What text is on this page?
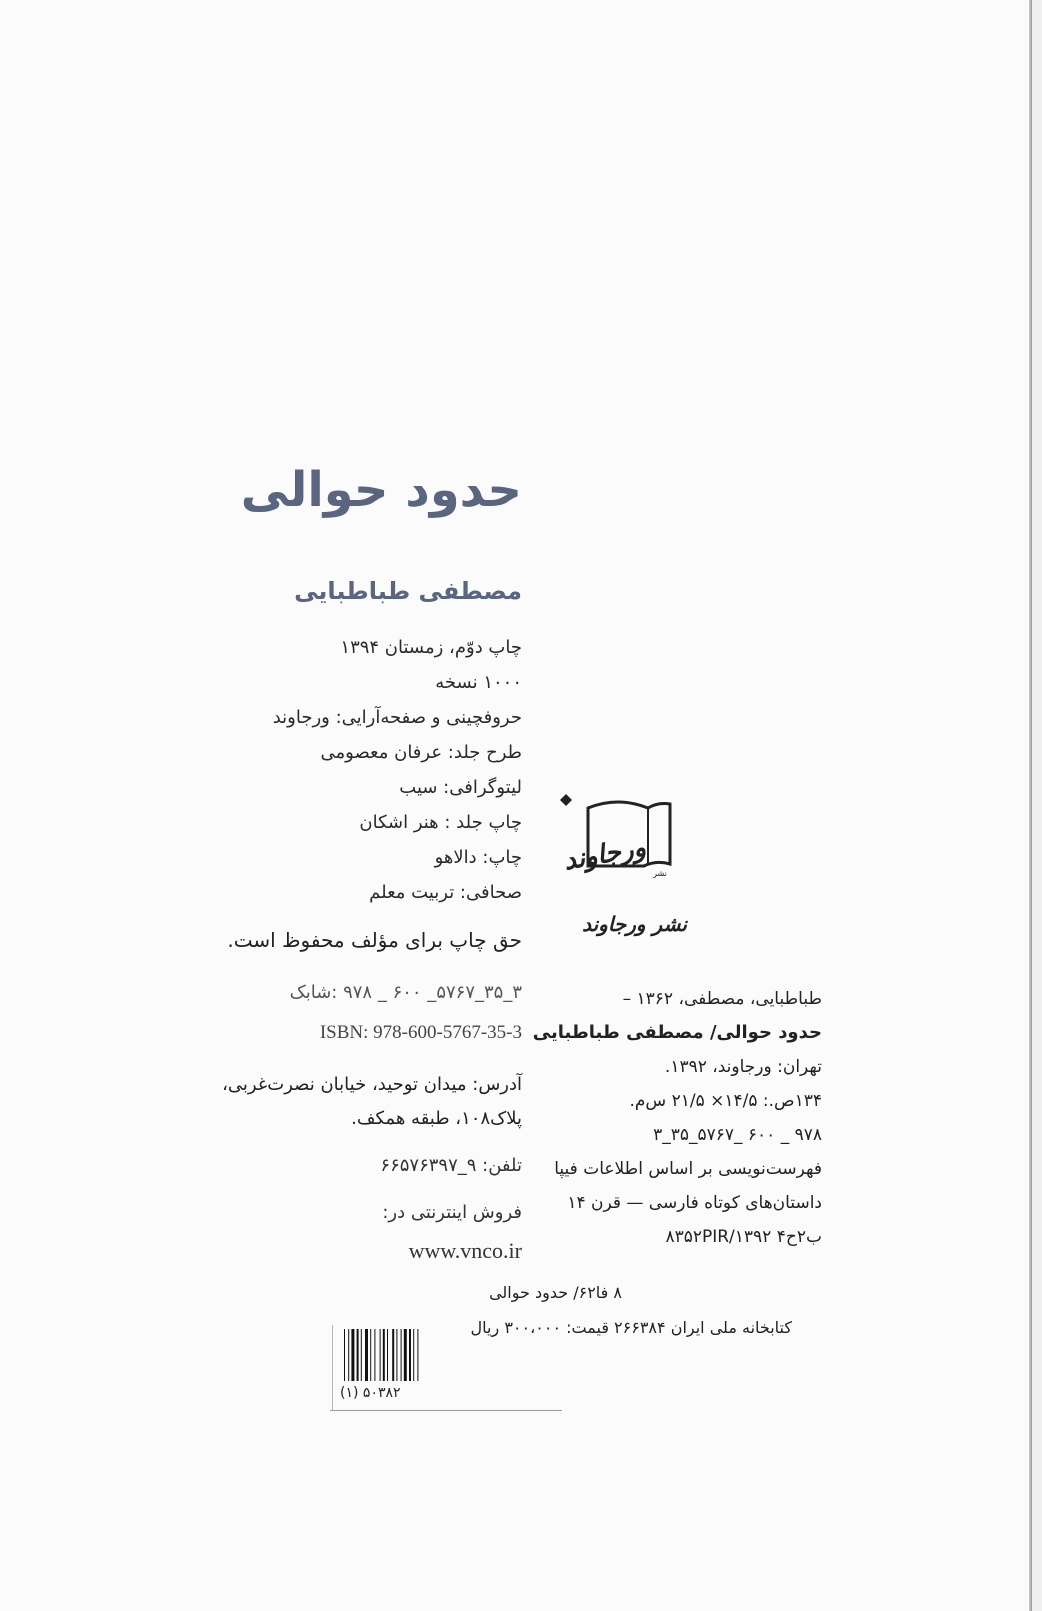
حدود حوالی
مصطفی طباطبایی
چاپ دوّم، زمستان ۱۳۹۴
۱۰۰۰ نسخه
حروفچینی و صفحه‌آرایی: ورجاوند
طرح جلد: عرفان معصومی
لیتوگرافی: سیب
چاپ جلد : هنر اشکان
چاپ: دالاهو
صحافی: تربیت معلم
حق چاپ برای مؤلف محفوظ است.
۳_۳۵_۵۷۶۷_ ۶۰۰ _ ۹۷۸ :شابک
ISBN: 978-600-5767-35-3
آدرس: میدان توحید، خیابان نصرت‌غربی،
پلاک۱۰۸، طبقه همکف.
تلفن: ۹_۶۶۵۷۶۳۹۷
فروش اینترنتی در:
www.vnco.ir
ورجاوند نشر
نشر ورجاوند
طباطبایی، مصطفی، ۱۳۶۲ –
حدود حوالی/ مصطفی طباطبایی
تهران: ورجاوند، ۱۳۹۲.
۱۳۴ص.: ۱۴/۵× ۲۱/۵ س‌م.
۳_۳۵_۵۷۶۷_ ۶۰۰ _ ۹۷۸
فهرست‌نویسی بر اساس اطلاعات فیپا
داستان‌های کوتاه فارسی — قرن ۱۴
۸۳۵۲PIR/ب۲ح۴ ۱۳۹۲
۸ فا۶۲/ حدود حوالی
کتابخانه ملی ایران ۲۶۶۳۸۴ قیمت: ۳۰۰،۰۰۰ ریال
۵۰۳۸۲ (۱)
